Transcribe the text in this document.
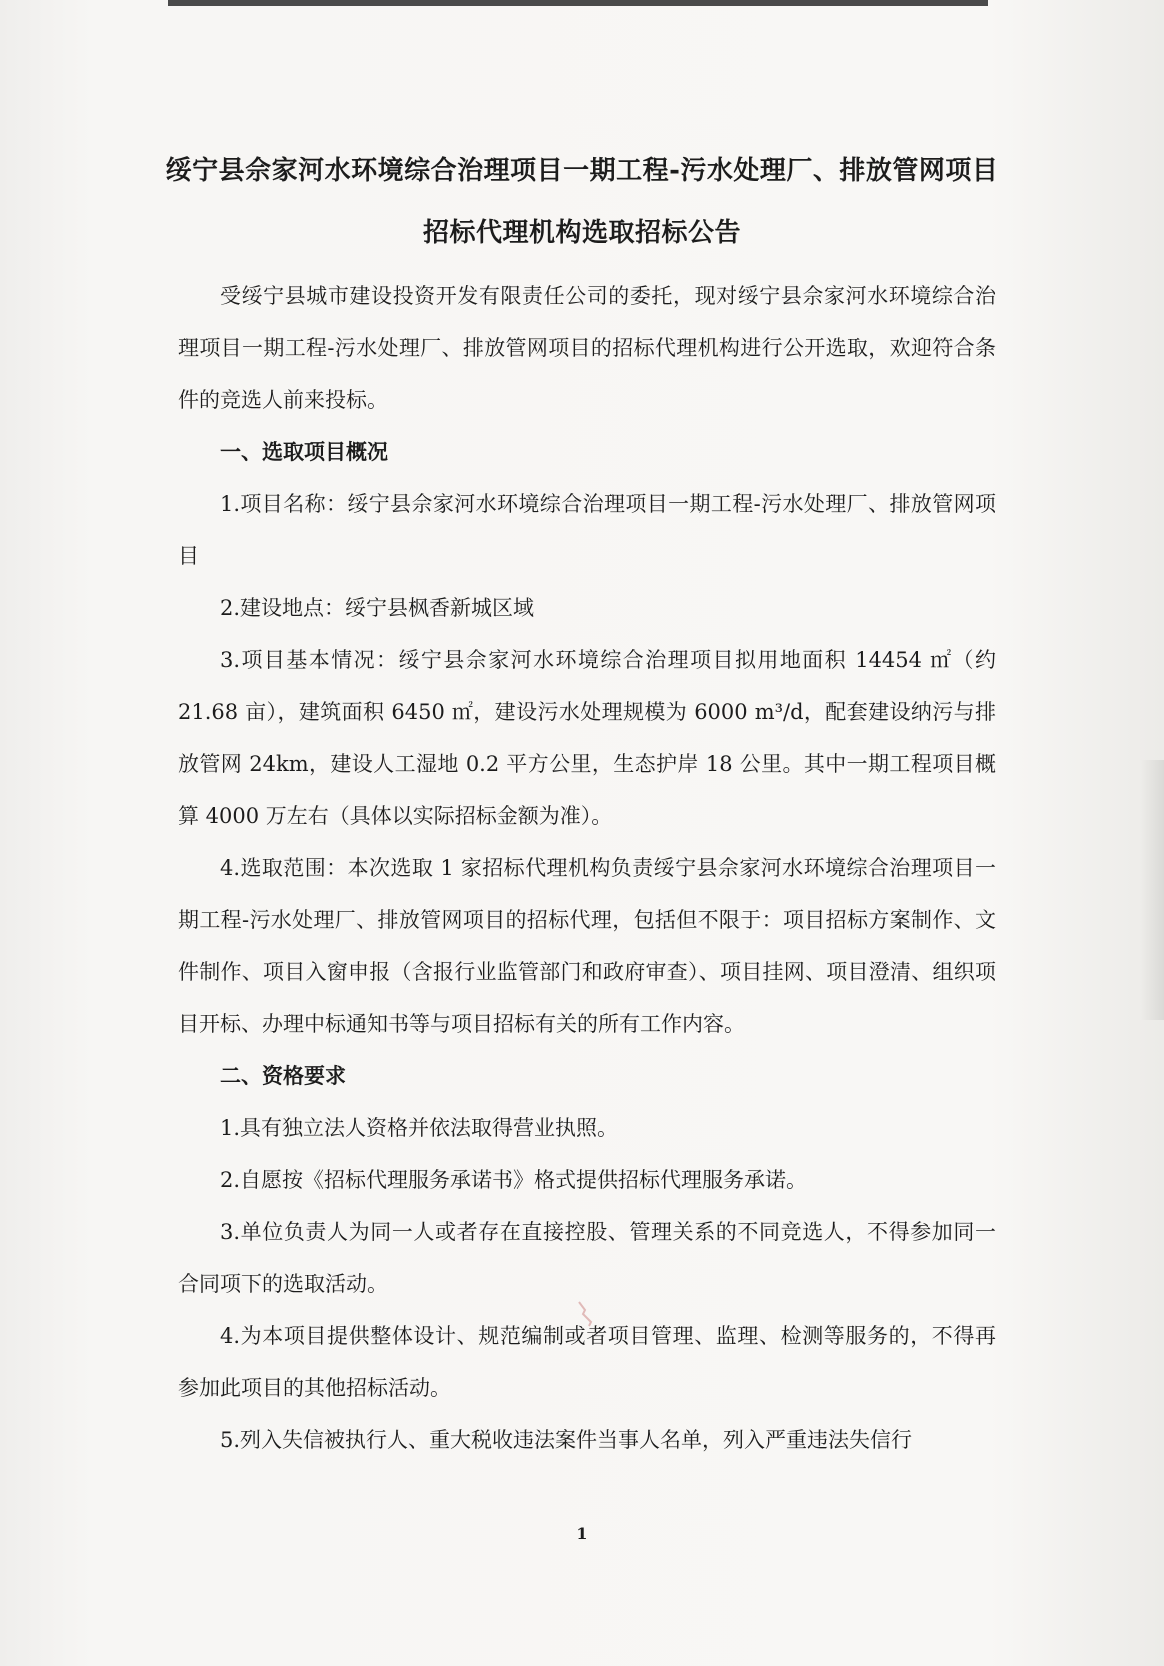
绥宁县佘家河水环境综合治理项目一期工程-污水处理厂、排放管网项目
招标代理机构选取招标公告

受绥宁县城市建设投资开发有限责任公司的委托，现对绥宁县佘家河水环境综合治理项目一期工程-污水处理厂、排放管网项目的招标代理机构进行公开选取，欢迎符合条件的竞选人前来投标。

一、选取项目概况

1.项目名称：绥宁县佘家河水环境综合治理项目一期工程-污水处理厂、排放管网项目

2.建设地点：绥宁县枫香新城区域

3.项目基本情况：绥宁县佘家河水环境综合治理项目拟用地面积 14454 ㎡（约 21.68 亩），建筑面积 6450 ㎡，建设污水处理规模为 6000 m³/d，配套建设纳污与排放管网 24km，建设人工湿地 0.2 平方公里，生态护岸 18 公里。其中一期工程项目概算 4000 万左右（具体以实际招标金额为准）。

4.选取范围：本次选取 1 家招标代理机构负责绥宁县佘家河水环境综合治理项目一期工程-污水处理厂、排放管网项目的招标代理，包括但不限于：项目招标方案制作、文件制作、项目入窗申报（含报行业监管部门和政府审查）、项目挂网、项目澄清、组织项目开标、办理中标通知书等与项目招标有关的所有工作内容。

二、资格要求

1.具有独立法人资格并依法取得营业执照。

2.自愿按《招标代理服务承诺书》格式提供招标代理服务承诺。

3.单位负责人为同一人或者存在直接控股、管理关系的不同竞选人，不得参加同一合同项下的选取活动。

4.为本项目提供整体设计、规范编制或者项目管理、监理、检测等服务的，不得再参加此项目的其他招标活动。

5.列入失信被执行人、重大税收违法案件当事人名单，列入严重违法失信行

1
